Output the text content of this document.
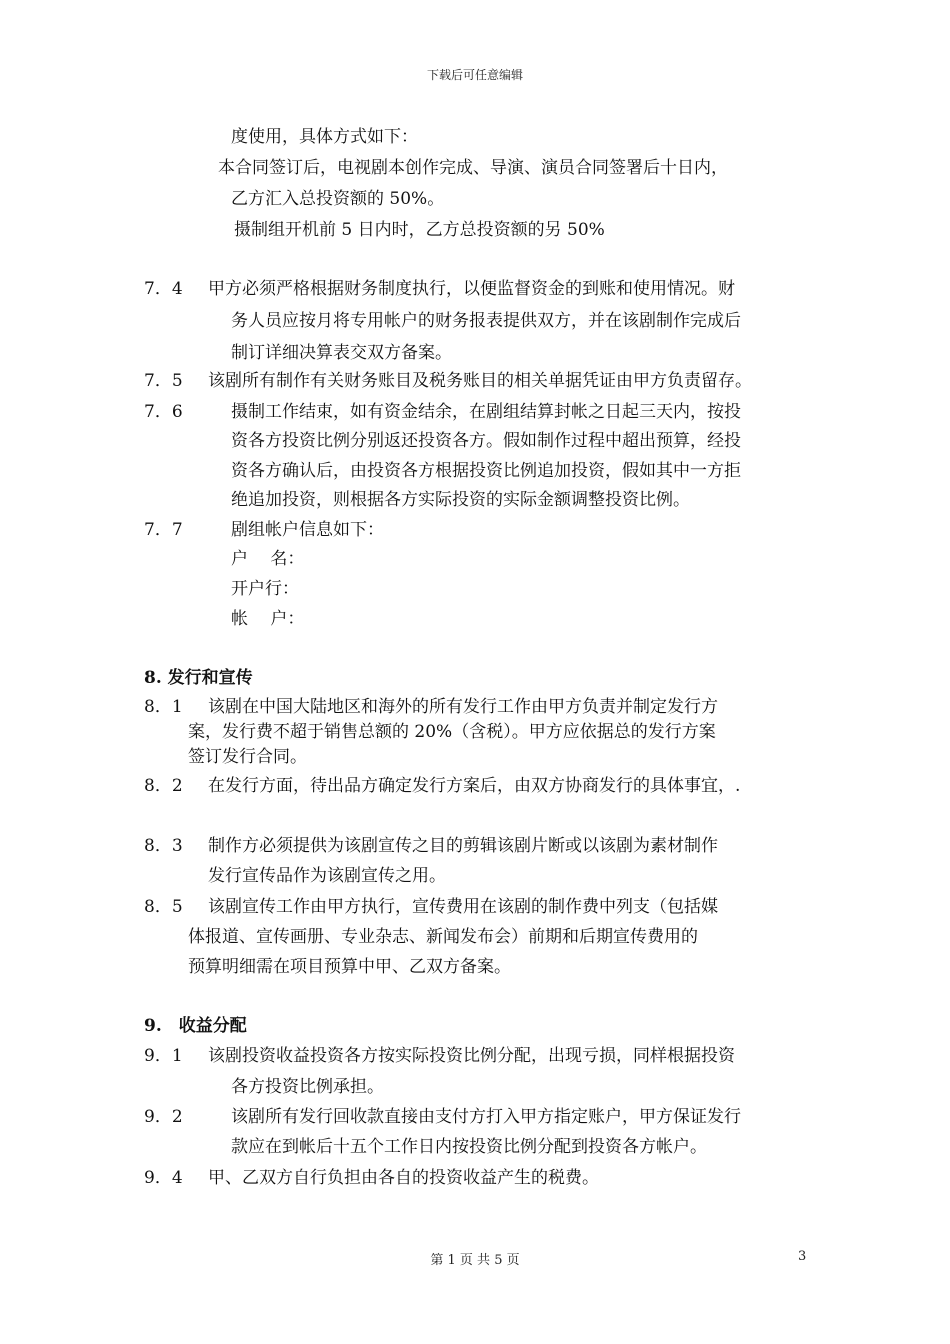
下载后可任意编辑
度使用，具体方式如下：
本合同签订后，电视剧本创作完成、导演、演员合同签署后十日内，
乙方汇入总投资额的 50%。
摄制组开机前 5 日内时，乙方总投资额的另 50%
7．4 甲方必须严格根据财务制度执行，以便监督资金的到账和使用情况。财
务人员应按月将专用帐户的财务报表提供双方，并在该剧制作完成后
制订详细决算表交双方备案。
7．5 该剧所有制作有关财务账目及税务账目的相关单据凭证由甲方负责留存。
7．6	摄制工作结束，如有资金结余，在剧组结算封帐之日起三天内，按投
资各方投资比例分别返还投资各方。假如制作过程中超出预算，经投
资各方确认后，由投资各方根据投资比例追加投资，假如其中一方拒
绝追加投资，则根据各方实际投资的实际金额调整投资比例。
7．7	剧组帐户信息如下：
户　 名：
开户行：
帐　 户：
8. 发行和宣传
8．1 该剧在中国大陆地区和海外的所有发行工作由甲方负责并制定发行方
案，发行费不超于销售总额的 20%（含税）。甲方应依据总的发行方案
签订发行合同。
8．2 在发行方面，待出品方确定发行方案后，由双方协商发行的具体事宜，.
8．3 制作方必须提供为该剧宣传之目的剪辑该剧片断或以该剧为素材制作
发行宣传品作为该剧宣传之用。
8．5 该剧宣传工作由甲方执行，宣传费用在该剧的制作费中列支（包括媒
体报道、宣传画册、专业杂志、新闻发布会）前期和后期宣传费用的
预算明细需在项目预算中甲、乙双方备案。
9.　收益分配
9．1 该剧投资收益投资各方按实际投资比例分配，出现亏损，同样根据投资
各方投资比例承担。
9．2	该剧所有发行回收款直接由支付方打入甲方指定账户，甲方保证发行
款应在到帐后十五个工作日内按投资比例分配到投资各方帐户。
9．4 甲、乙双方自行负担由各自的投资收益产生的税费。
第 1 页 共 5 页	3
